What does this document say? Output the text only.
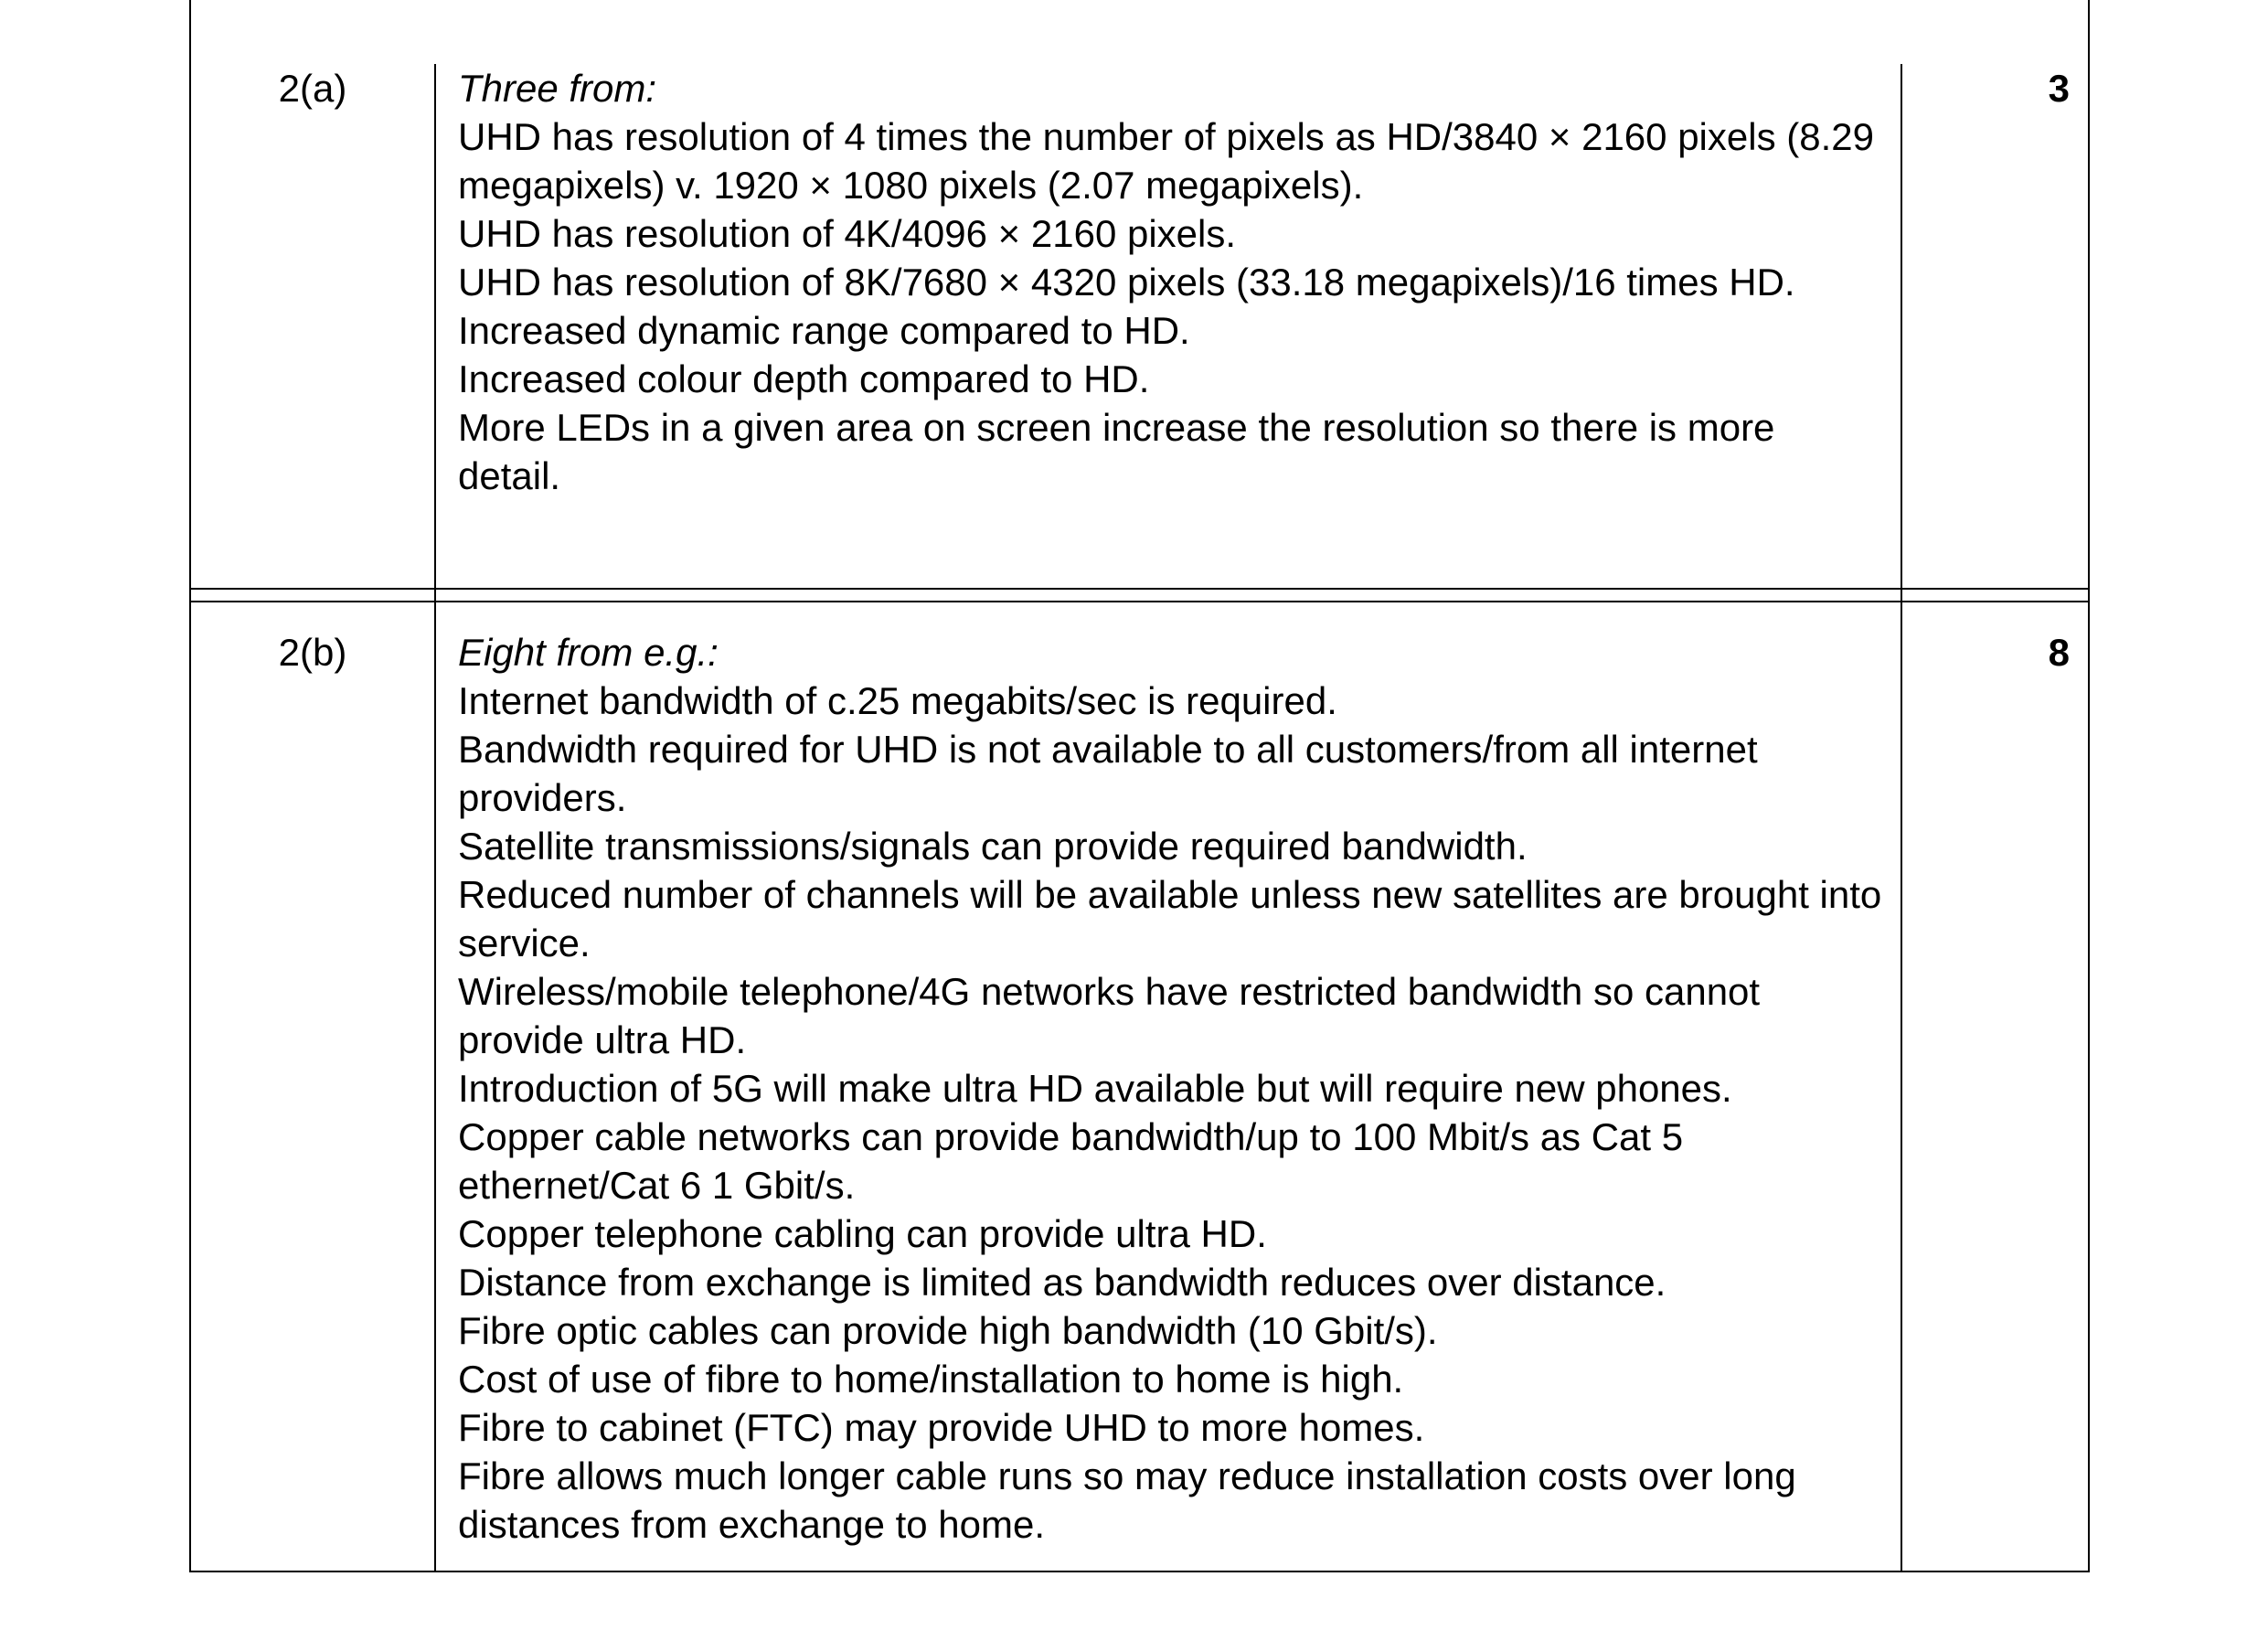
2(a)	Three from:
UHD has resolution of 4 times the number of pixels as HD/3840 × 2160 pixels (8.29 megapixels) v. 1920 × 1080 pixels (2.07 megapixels).
UHD has resolution of 4K/4096 × 2160 pixels.
UHD has resolution of 8K/7680 × 4320 pixels (33.18 megapixels)/16 times HD.
Increased dynamic range compared to HD.
Increased colour depth compared to HD.
More LEDs in a given area on screen increase the resolution so there is more detail.
3
2(b)	Eight from e.g.:
Internet bandwidth of c.25 megabits/sec is required.
Bandwidth required for UHD is not available to all customers/from all internet providers.
Satellite transmissions/signals can provide required bandwidth.
Reduced number of channels will be available unless new satellites are brought into service.
Wireless/mobile telephone/4G networks have restricted bandwidth so cannot provide ultra HD.
Introduction of 5G will make ultra HD available but will require new phones.
Copper cable networks can provide bandwidth/up to 100 Mbit/s as Cat 5 ethernet/Cat 6 1 Gbit/s.
Copper telephone cabling can provide ultra HD.
Distance from exchange is limited as bandwidth reduces over distance.
Fibre optic cables can provide high bandwidth (10 Gbit/s).
Cost of use of fibre to home/installation to home is high.
Fibre to cabinet (FTC) may provide UHD to more homes.
Fibre allows much longer cable runs so may reduce installation costs over long distances from exchange to home.
8
